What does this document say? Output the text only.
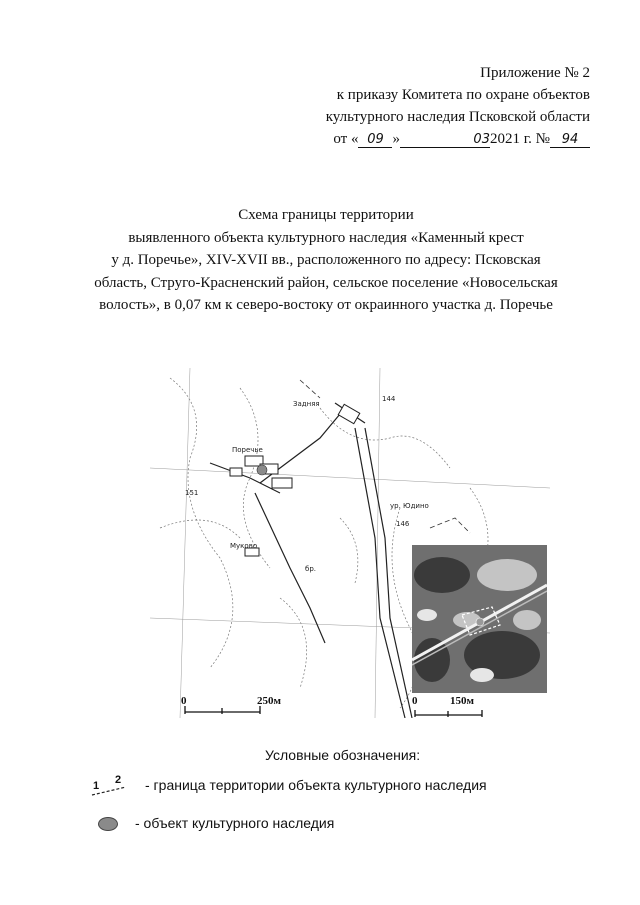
Приложение № 2
к приказу Комитета по охране объектов
культурного наследия Псковской области
от « 09 »	032021 г. № 94
Схема границы территории
выявленного объекта культурного наследия «Каменный крест
у д. Поречье», XIV-XVII вв., расположенного по адресу: Псковская
область, Струго-Красненский район, сельское поселение «Новосельская
волость», в 0,07 км к северо-востоку от окраинного участка д. Поречье
Поречье
Задняя
Муково
ур. Юдино
144
151
146
бр.
0	250м	0	150м
Условные обозначения:
1 2 - граница территории объекта культурного наследия
- объект культурного наследия
